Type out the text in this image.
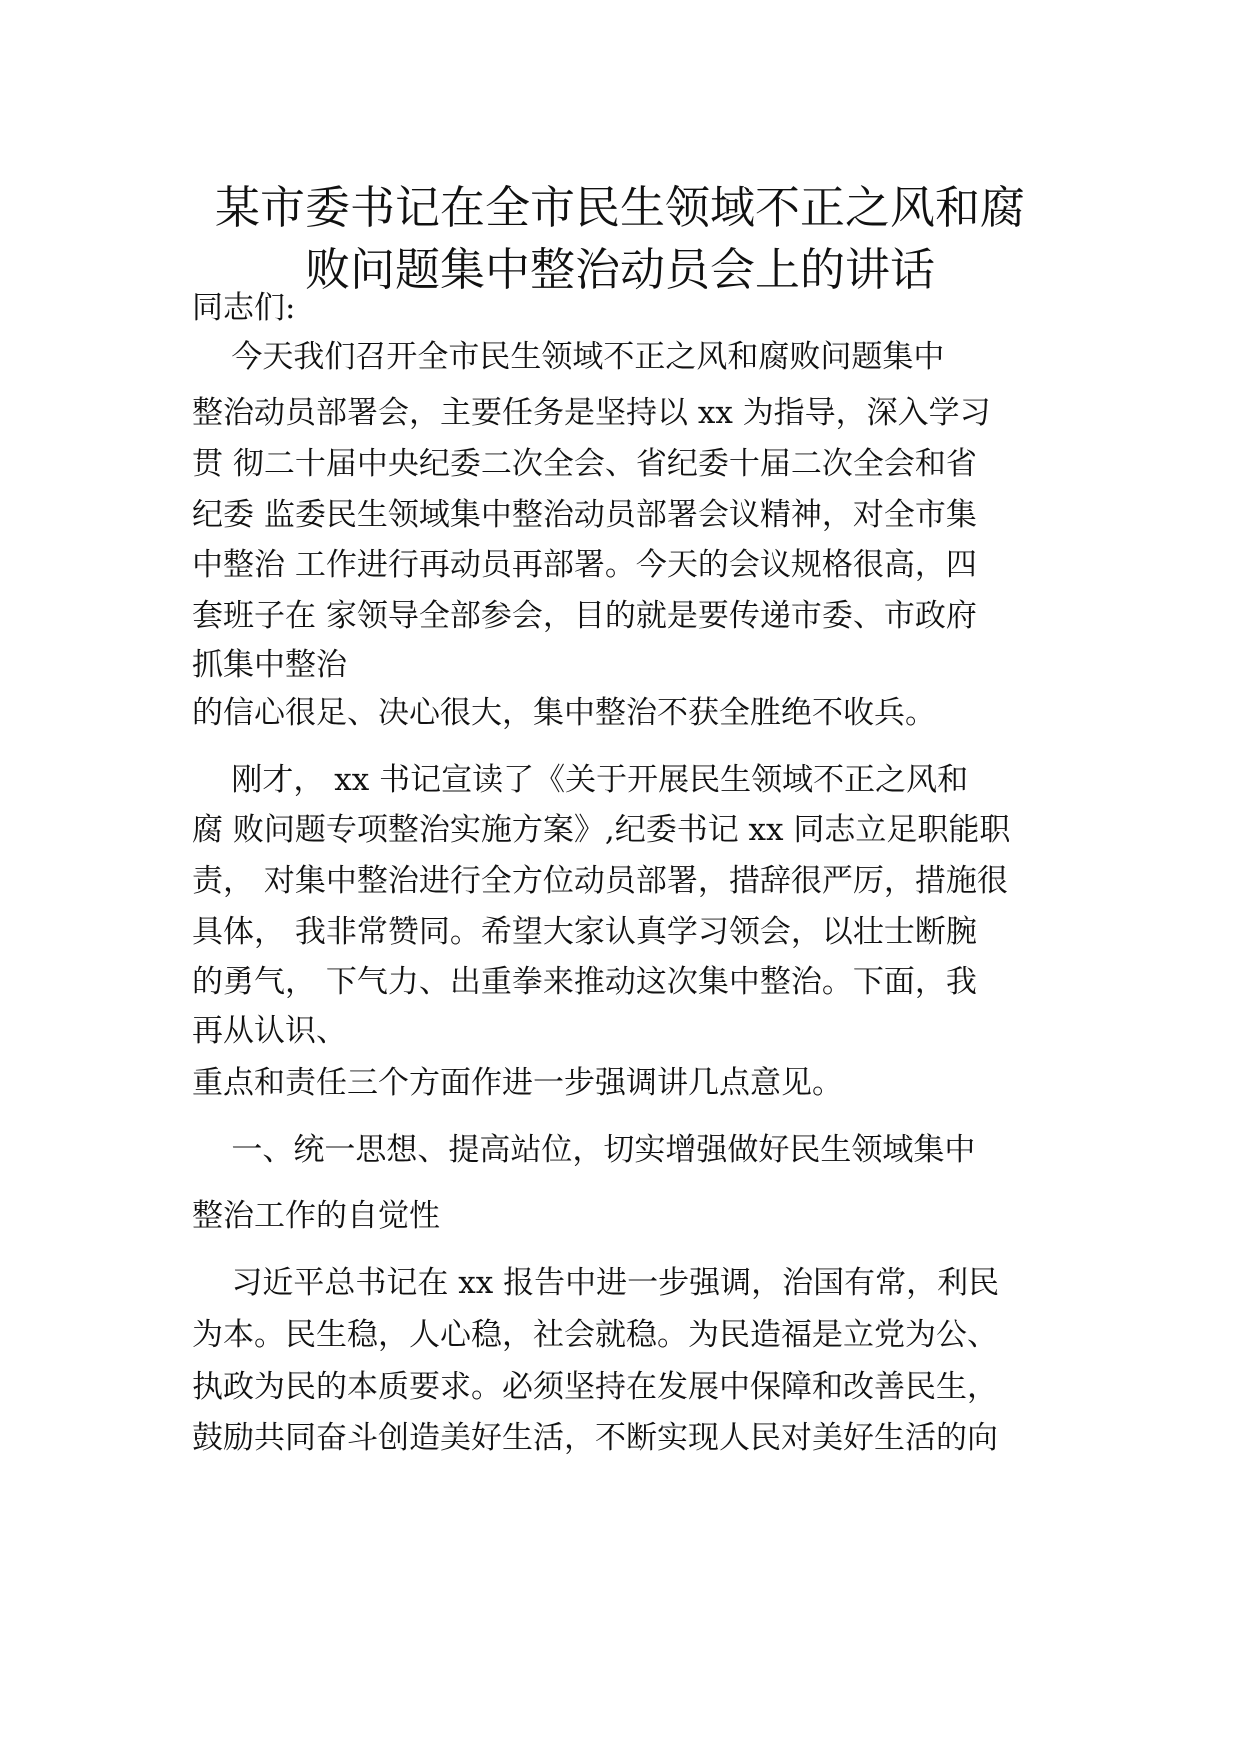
某市委书记在全市民生领域不正之风和腐
败问题集中整治动员会上的讲话
同志们:
今天我们召开全市民生领域不正之风和腐败问题集中
整治动员部署会，主要任务是坚持以 xx 为指导，深入学习
贯 彻二十届中央纪委二次全会、省纪委十届二次全会和省
纪委 监委民生领域集中整治动员部署会议精神，对全市集
中整治 工作进行再动员再部署。今天的会议规格很高，四
套班子在 家领导全部参会，目的就是要传递市委、市政府
抓集中整治
的信心很足、决心很大，集中整治不获全胜绝不收兵。
刚才， xx 书记宣读了《关于开展民生领域不正之风和
腐 败问题专项整治实施方案》,纪委书记 xx 同志立足职能职
责， 对集中整治进行全方位动员部署，措辞很严厉，措施很
具体， 我非常赞同。希望大家认真学习领会，以壮士断腕
的勇气， 下气力、出重拳来推动这次集中整治。下面，我
再从认识、
重点和责任三个方面作进一步强调讲几点意见。
一、统一思想、提高站位，切实增强做好民生领域集中
整治工作的自觉性
习近平总书记在 xx 报告中进一步强调，治国有常，利民
为本。民生稳，人心稳，社会就稳。为民造福是立党为公、
执政为民的本质要求。必须坚持在发展中保障和改善民生，
鼓励共同奋斗创造美好生活，不断实现人民对美好生活的向
